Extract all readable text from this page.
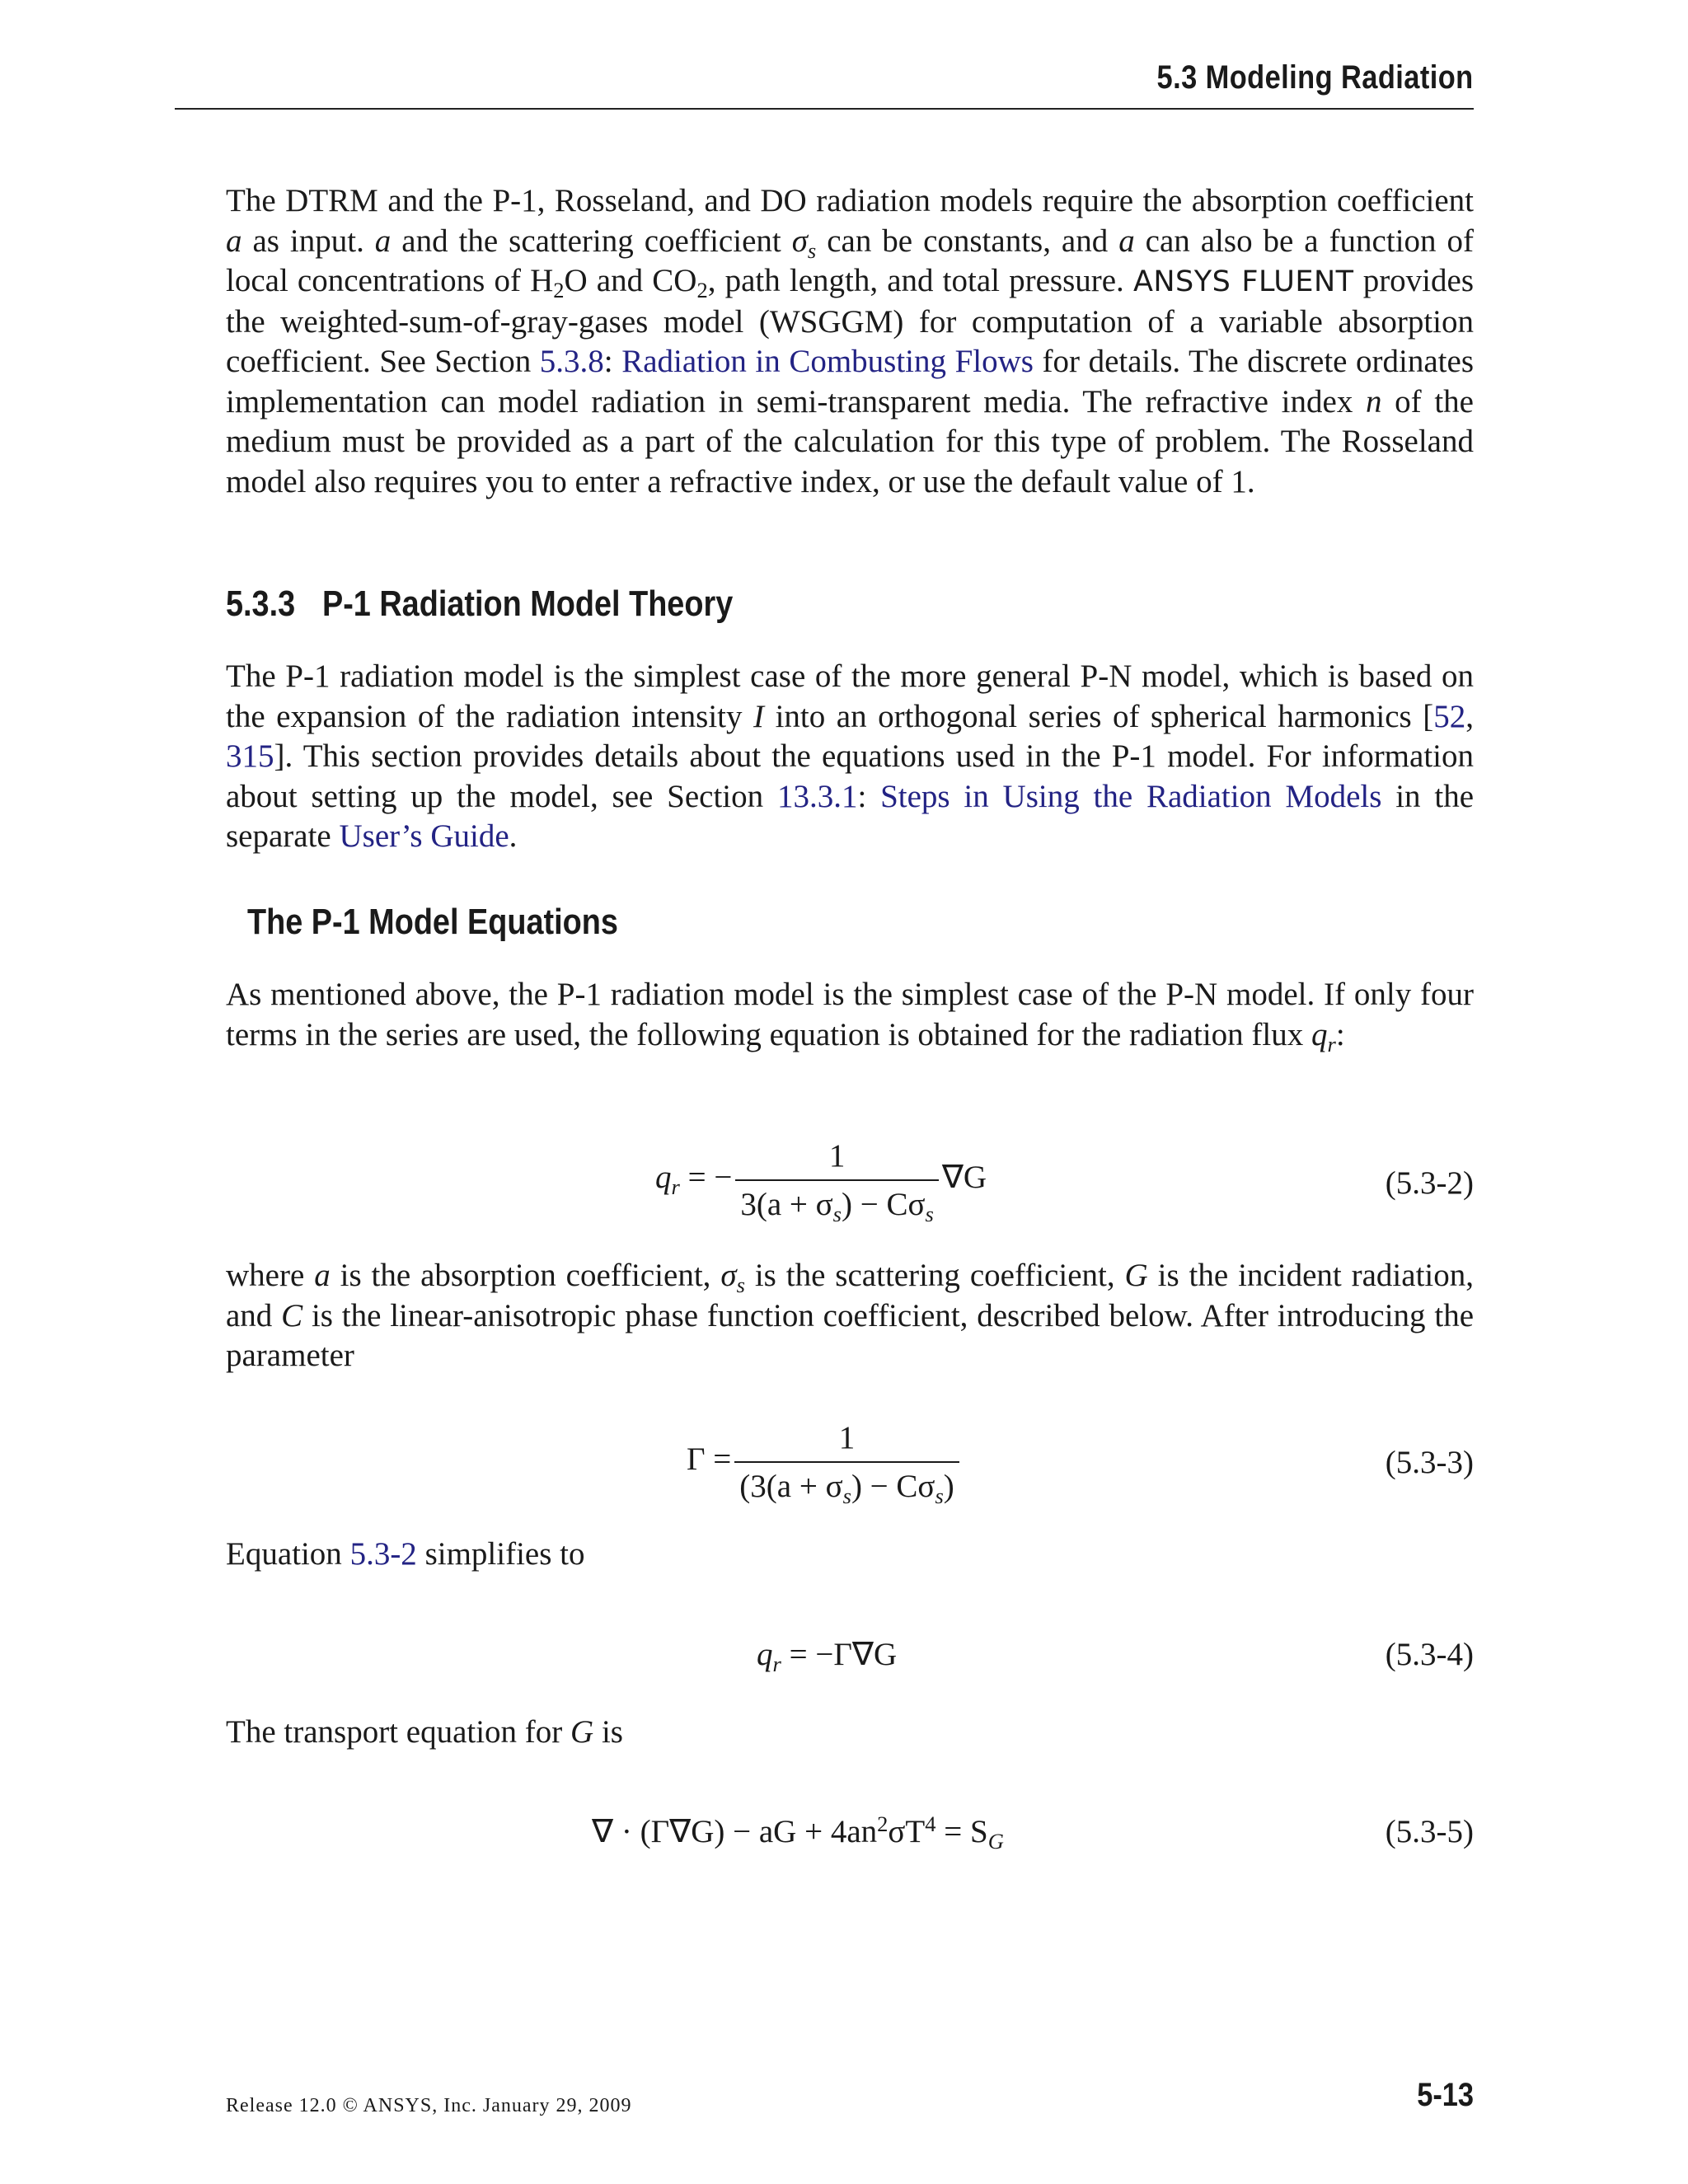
5.3 Modeling Radiation

The DTRM and the P-1, Rosseland, and DO radiation models require the absorption coefficient a as input. a and the scattering coefficient $\sigma_s$ can be constants, and a can also be a function of local concentrations of $H_2O$ and $CO_2$, path length, and total pressure. ANSYS FLUENT provides the weighted-sum-of-gray-gases model (WSGGM) for computation of a variable absorption coefficient. See Section 5.3.8: Radiation in Combusting Flows for details. The discrete ordinates implementation can model radiation in semi-transparent media. The refractive index n of the medium must be provided as a part of the calculation for this type of problem. The Rosseland model also requires you to enter a refractive index, or use the default value of 1.

5.3.3 P-1 Radiation Model Theory

The P-1 radiation model is the simplest case of the more general P-N model, which is based on the expansion of the radiation intensity I into an orthogonal series of spherical harmonics [52, 315]. This section provides details about the equations used in the P-1 model. For information about setting up the model, see Section 13.3.1: Steps in Using the Radiation Models in the separate User’s Guide.

The P-1 Model Equations

As mentioned above, the P-1 radiation model is the simplest case of the P-N model. If only four terms in the series are used, the following equation is obtained for the radiation flux $q_r$:

$q_r$ = − $\frac{1}{3(a + \sigma_s) - C\sigma_s} \nabla G$	(5.3-2)

where a is the absorption coefficient, $\sigma_s$ is the scattering coefficient, G is the incident radiation, and C is the linear-anisotropic phase function coefficient, described below. After introducing the parameter

$\Gamma = \frac{1}{(3(a + \sigma_s) - C\sigma_s)}$	(5.3-3)

Equation 5.3-2 simplifies to

$q_r = -\Gamma\nabla G$	(5.3-4)

The transport equation for G is

∇ · (Γ∇G) − aG + $4an^2\sigma T^4 = S_G$	(5.3-5)
Release 12.0 © ANSYS, Inc. January 29, 2009	5-13
